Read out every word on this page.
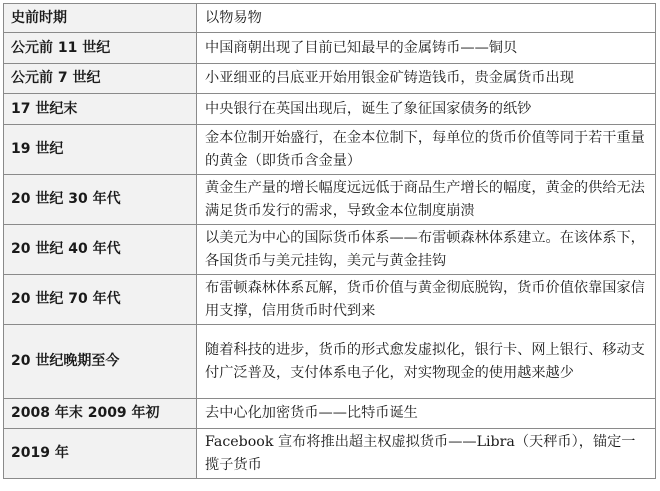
史前时期	以物易物
公元前 11 世纪	中国商朝出现了目前已知最早的金属铸币——铜贝
公元前 7 世纪	小亚细亚的吕底亚开始用银金矿铸造钱币，贵金属货币出现
17 世纪末	中央银行在英国出现后，诞生了象征国家债务的纸钞
19 世纪	金本位制开始盛行，在金本位制下，每单位的货币价值等同于若干重量的黄金（即货币含金量）
20 世纪 30 年代	黄金生产量的增长幅度远远低于商品生产增长的幅度，黄金的供给无法满足货币发行的需求，导致金本位制度崩溃
20 世纪 40 年代	以美元为中心的国际货币体系——布雷顿森林体系建立。在该体系下，各国货币与美元挂钩，美元与黄金挂钩
20 世纪 70 年代	布雷顿森林体系瓦解，货币价值与黄金彻底脱钩，货币价值依靠国家信用支撑，信用货币时代到来
20 世纪晚期至今	随着科技的进步，货币的形式愈发虚拟化，银行卡、网上银行、移动支付广泛普及，支付体系电子化，对实物现金的使用越来越少
2008 年末 2009 年初	去中心化加密货币——比特币诞生
2019 年	Facebook 宣布将推出超主权虚拟货币——Libra（天秤币），锚定一揽子货币
